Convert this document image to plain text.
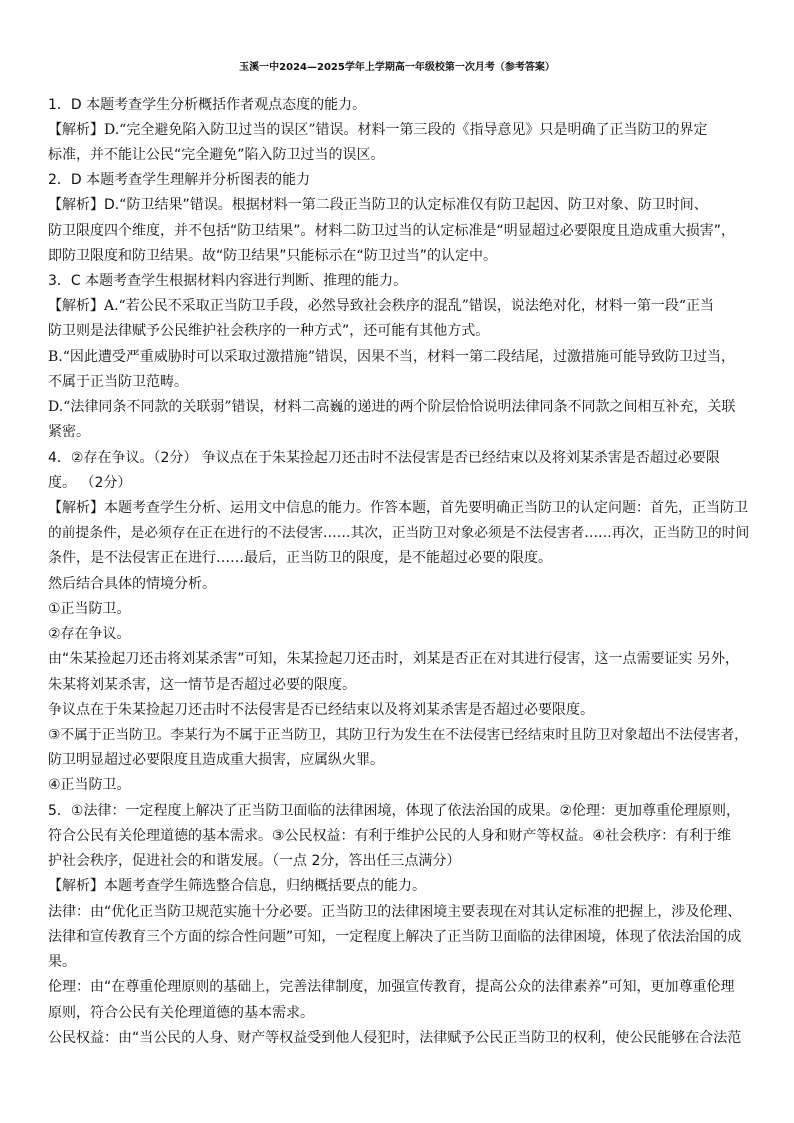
玉溪一中2024—2025学年上学期高一年级校第一次月考（参考答案）
1．D 本题考查学生分析概括作者观点态度的能力。
【解析】D.“完全避免陷入防卫过当的误区”错误。材料一第三段的《指导意见》只是明确了正当防卫的界定
标准，并不能让公民“完全避免”陷入防卫过当的误区。
2．D 本题考查学生理解并分析图表的能力
【解析】D.“防卫结果”错误。根据材料一第二段正当防卫的认定标准仅有防卫起因、防卫对象、防卫时间、
防卫限度四个维度，并不包括“防卫结果”。材料二防卫过当的认定标准是“明显超过必要限度且造成重大损害”，
即防卫限度和防卫结果。故“防卫结果”只能标示在“防卫过当”的认定中。
3．C 本题考查学生根据材料内容进行判断、推理的能力。
【解析】A.“若公民不采取正当防卫手段，必然导致社会秩序的混乱”错误，说法绝对化，材料一第一段“正当
防卫则是法律赋予公民维护社会秩序的一种方式”，还可能有其他方式。
B.“因此遭受严重威胁时可以采取过激措施”错误，因果不当，材料一第二段结尾，过激措施可能导致防卫过当，
不属于正当防卫范畴。
D.“法律同条不同款的关联弱”错误，材料二高巍的递进的两个阶层恰恰说明法律同条不同款之间相互补充，关联
紧密。
4．②存在争议。（2分） 争议点在于朱某捡起刀还击时不法侵害是否已经结束以及将刘某杀害是否超过必要限
度。 （2分）
【解析】本题考查学生分析、运用文中信息的能力。作答本题，首先要明确正当防卫的认定问题：首先，正当防卫
的前提条件，是必须存在正在进行的不法侵害……其次，正当防卫对象必须是不法侵害者……再次，正当防卫的时间
条件，是不法侵害正在进行……最后，正当防卫的限度，是不能超过必要的限度。
然后结合具体的情境分析。
①正当防卫。
②存在争议。
由“朱某捡起刀还击将刘某杀害”可知，朱某捡起刀还击时，刘某是否正在对其进行侵害，这一点需要证实 另外，
朱某将刘某杀害，这一情节是否超过必要的限度。
争议点在于朱某捡起刀还击时不法侵害是否已经结束以及将刘某杀害是否超过必要限度。
③不属于正当防卫。李某行为不属于正当防卫，其防卫行为发生在不法侵害已经结束时且防卫对象超出不法侵害者，
防卫明显超过必要限度且造成重大损害，应属纵火罪。
④正当防卫。
5．①法律：一定程度上解决了正当防卫面临的法律困境，体现了依法治国的成果。②伦理：更加尊重伦理原则，
符合公民有关伦理道德的基本需求。③公民权益：有利于维护公民的人身和财产等权益。④社会秩序：有利于维
护社会秩序，促进社会的和谐发展。（一点 2分，答出任三点满分）
【解析】本题考查学生筛选整合信息，归纳概括要点的能力。
法律：由“优化正当防卫规范实施十分必要。正当防卫的法律困境主要表现在对其认定标准的把握上，涉及伦理、
法律和宣传教育三个方面的综合性问题”可知，一定程度上解决了正当防卫面临的法律困境，体现了依法治国的成
果。
伦理：由“在尊重伦理原则的基础上，完善法律制度，加强宣传教育，提高公众的法律素养”可知，更加尊重伦理
原则，符合公民有关伦理道德的基本需求。
公民权益：由“当公民的人身、财产等权益受到他人侵犯时，法律赋予公民正当防卫的权利，使公民能够在合法范
